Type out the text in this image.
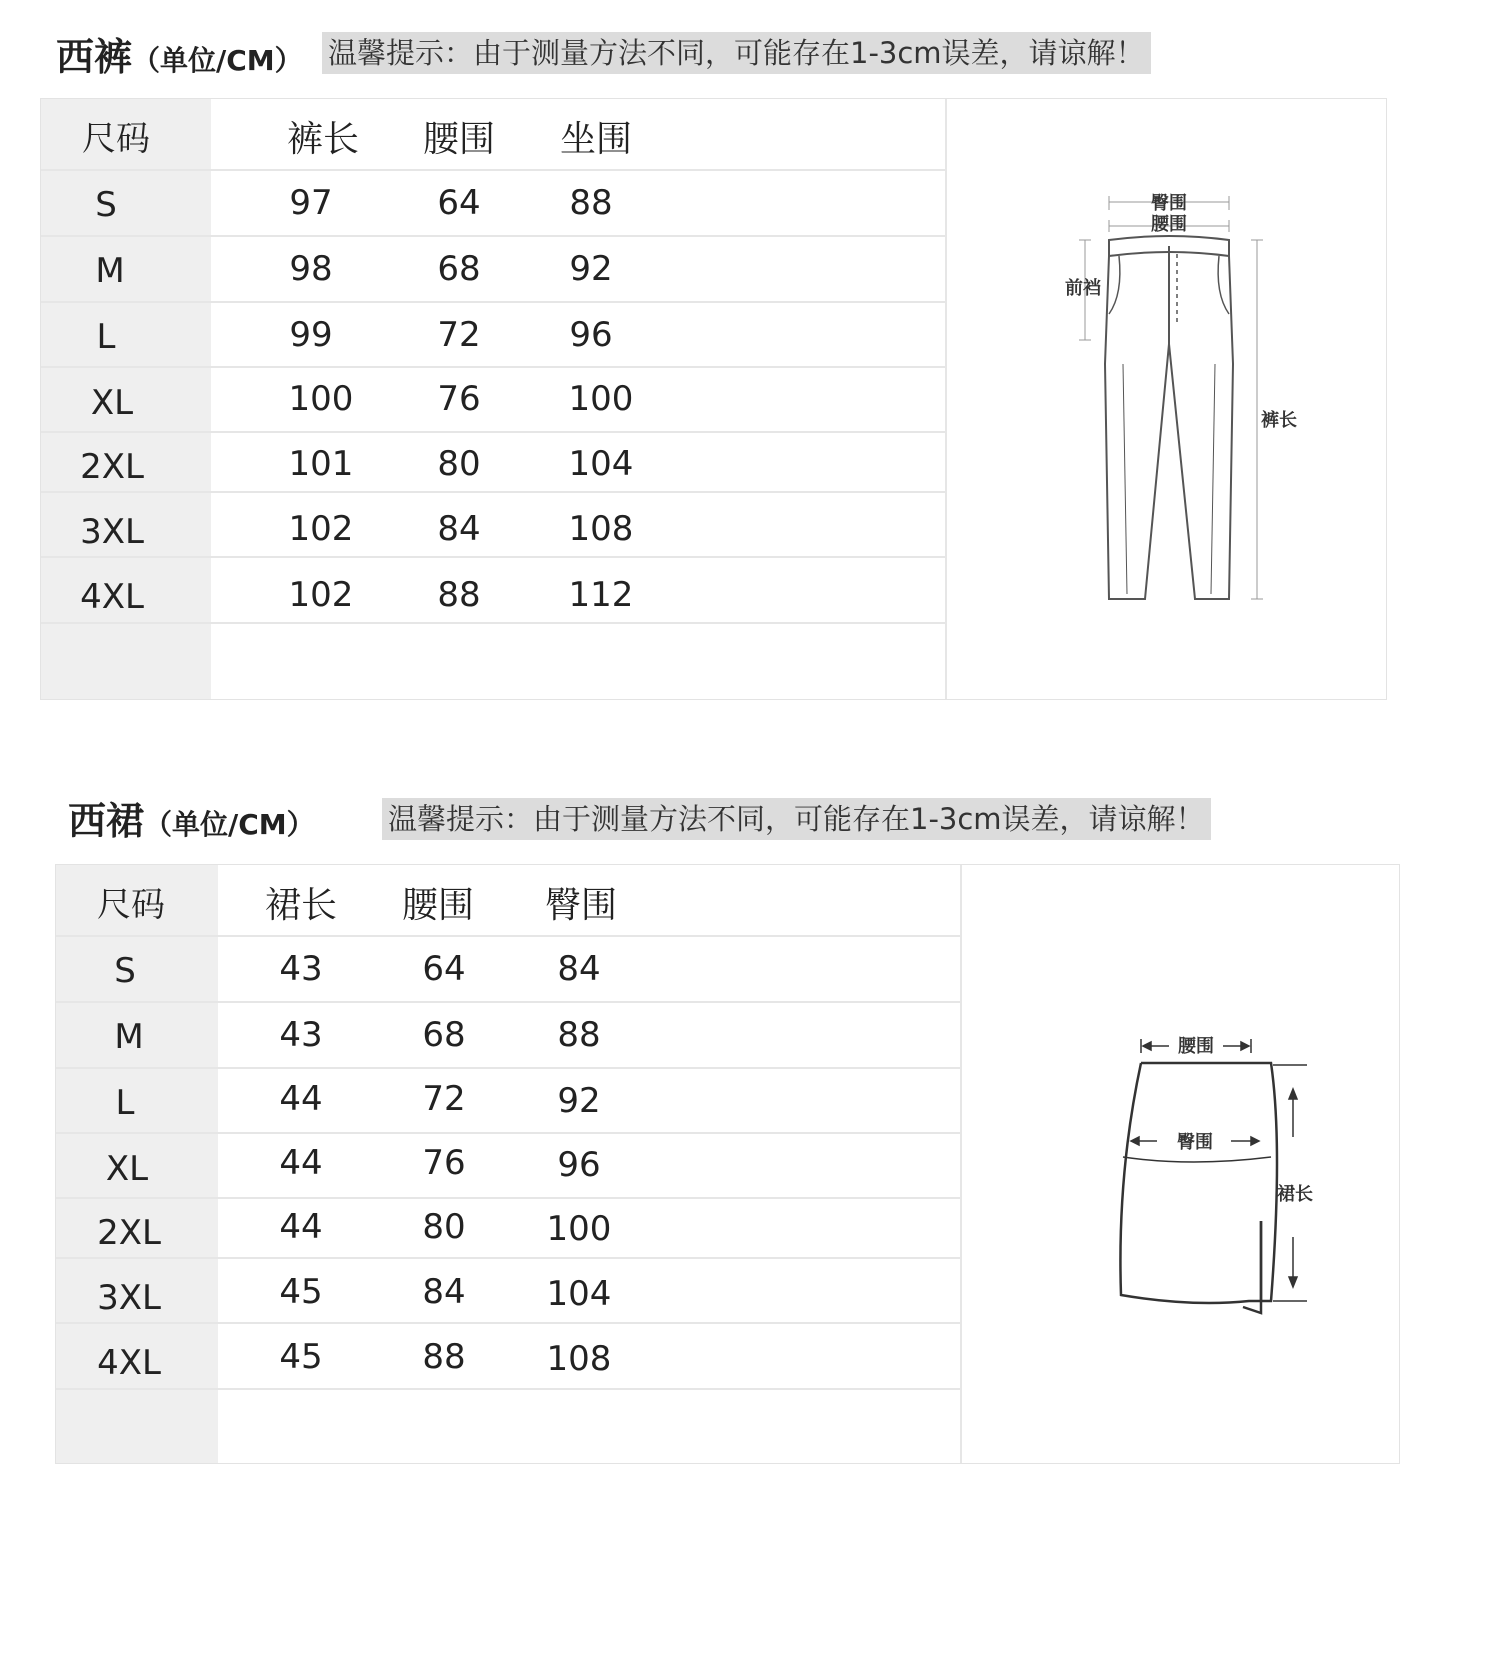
西裤（单位/CM） 温馨提示：由于测量方法不同，可能存在1-3cm误差，请谅解！
尺码	裤长	腰围	坐围
S	97	64	88
M	98	68	92
L	99	72	96
XL	100	76	100
2XL	101	80	104
3XL	102	84	108
4XL	102	88	112
臀围
腰围
前裆
裤长
西裙（单位/CM）	温馨提示：由于测量方法不同，可能存在1-3cm误差，请谅解！
尺码	裙长	腰围	臀围
S	43	64	84
M	43	68	88
L	44	72	92
XL	44	76	96
2XL	44	80	100
3XL	45	84	104
4XL	45	88	108
腰围
臀围
裙长
